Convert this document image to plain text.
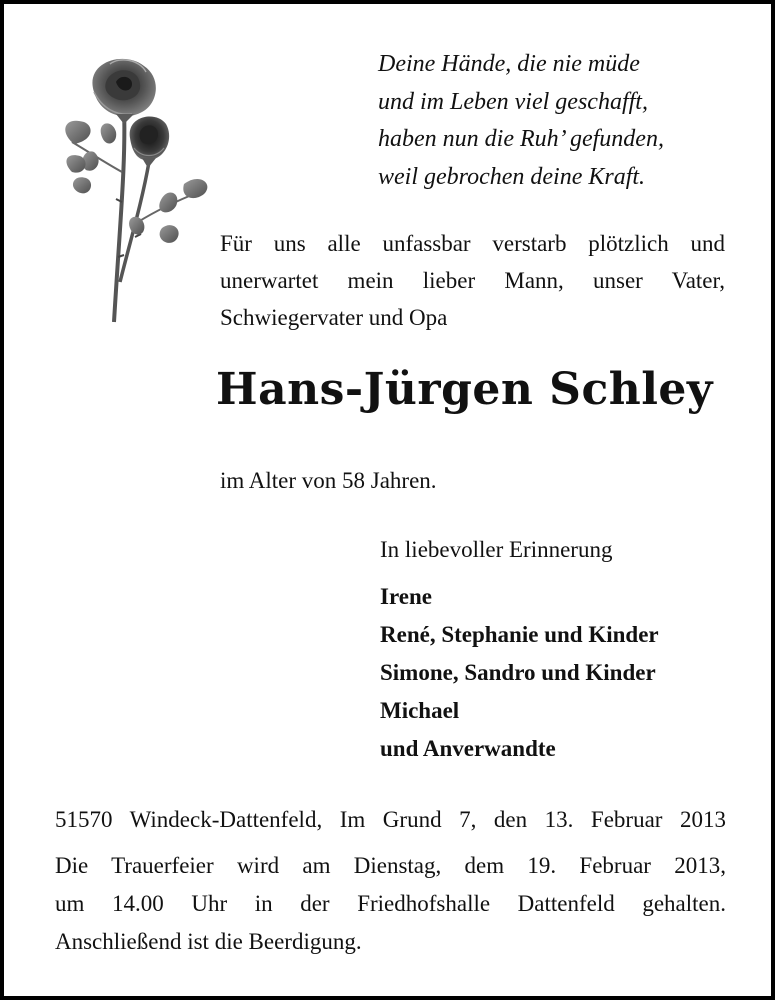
Deine Hände, die nie müde
und im Leben viel geschafft,
haben nun die Ruh’ gefunden,
weil gebrochen deine Kraft.
Für uns alle unfassbar verstarb plötzlich und
unerwartet mein lieber Mann, unser Vater,
Schwiegervater und Opa
Hans-Jürgen Schley
im Alter von 58 Jahren.
In liebevoller Erinnerung
Irene
René, Stephanie und Kinder
Simone, Sandro und Kinder
Michael
und Anverwandte
51570 Windeck-Dattenfeld, Im Grund 7, den 13. Februar 2013
Die Trauerfeier wird am Dienstag, dem 19. Februar 2013,
um 14.00 Uhr in der Friedhofshalle Dattenfeld gehalten.
Anschließend ist die Beerdigung.
